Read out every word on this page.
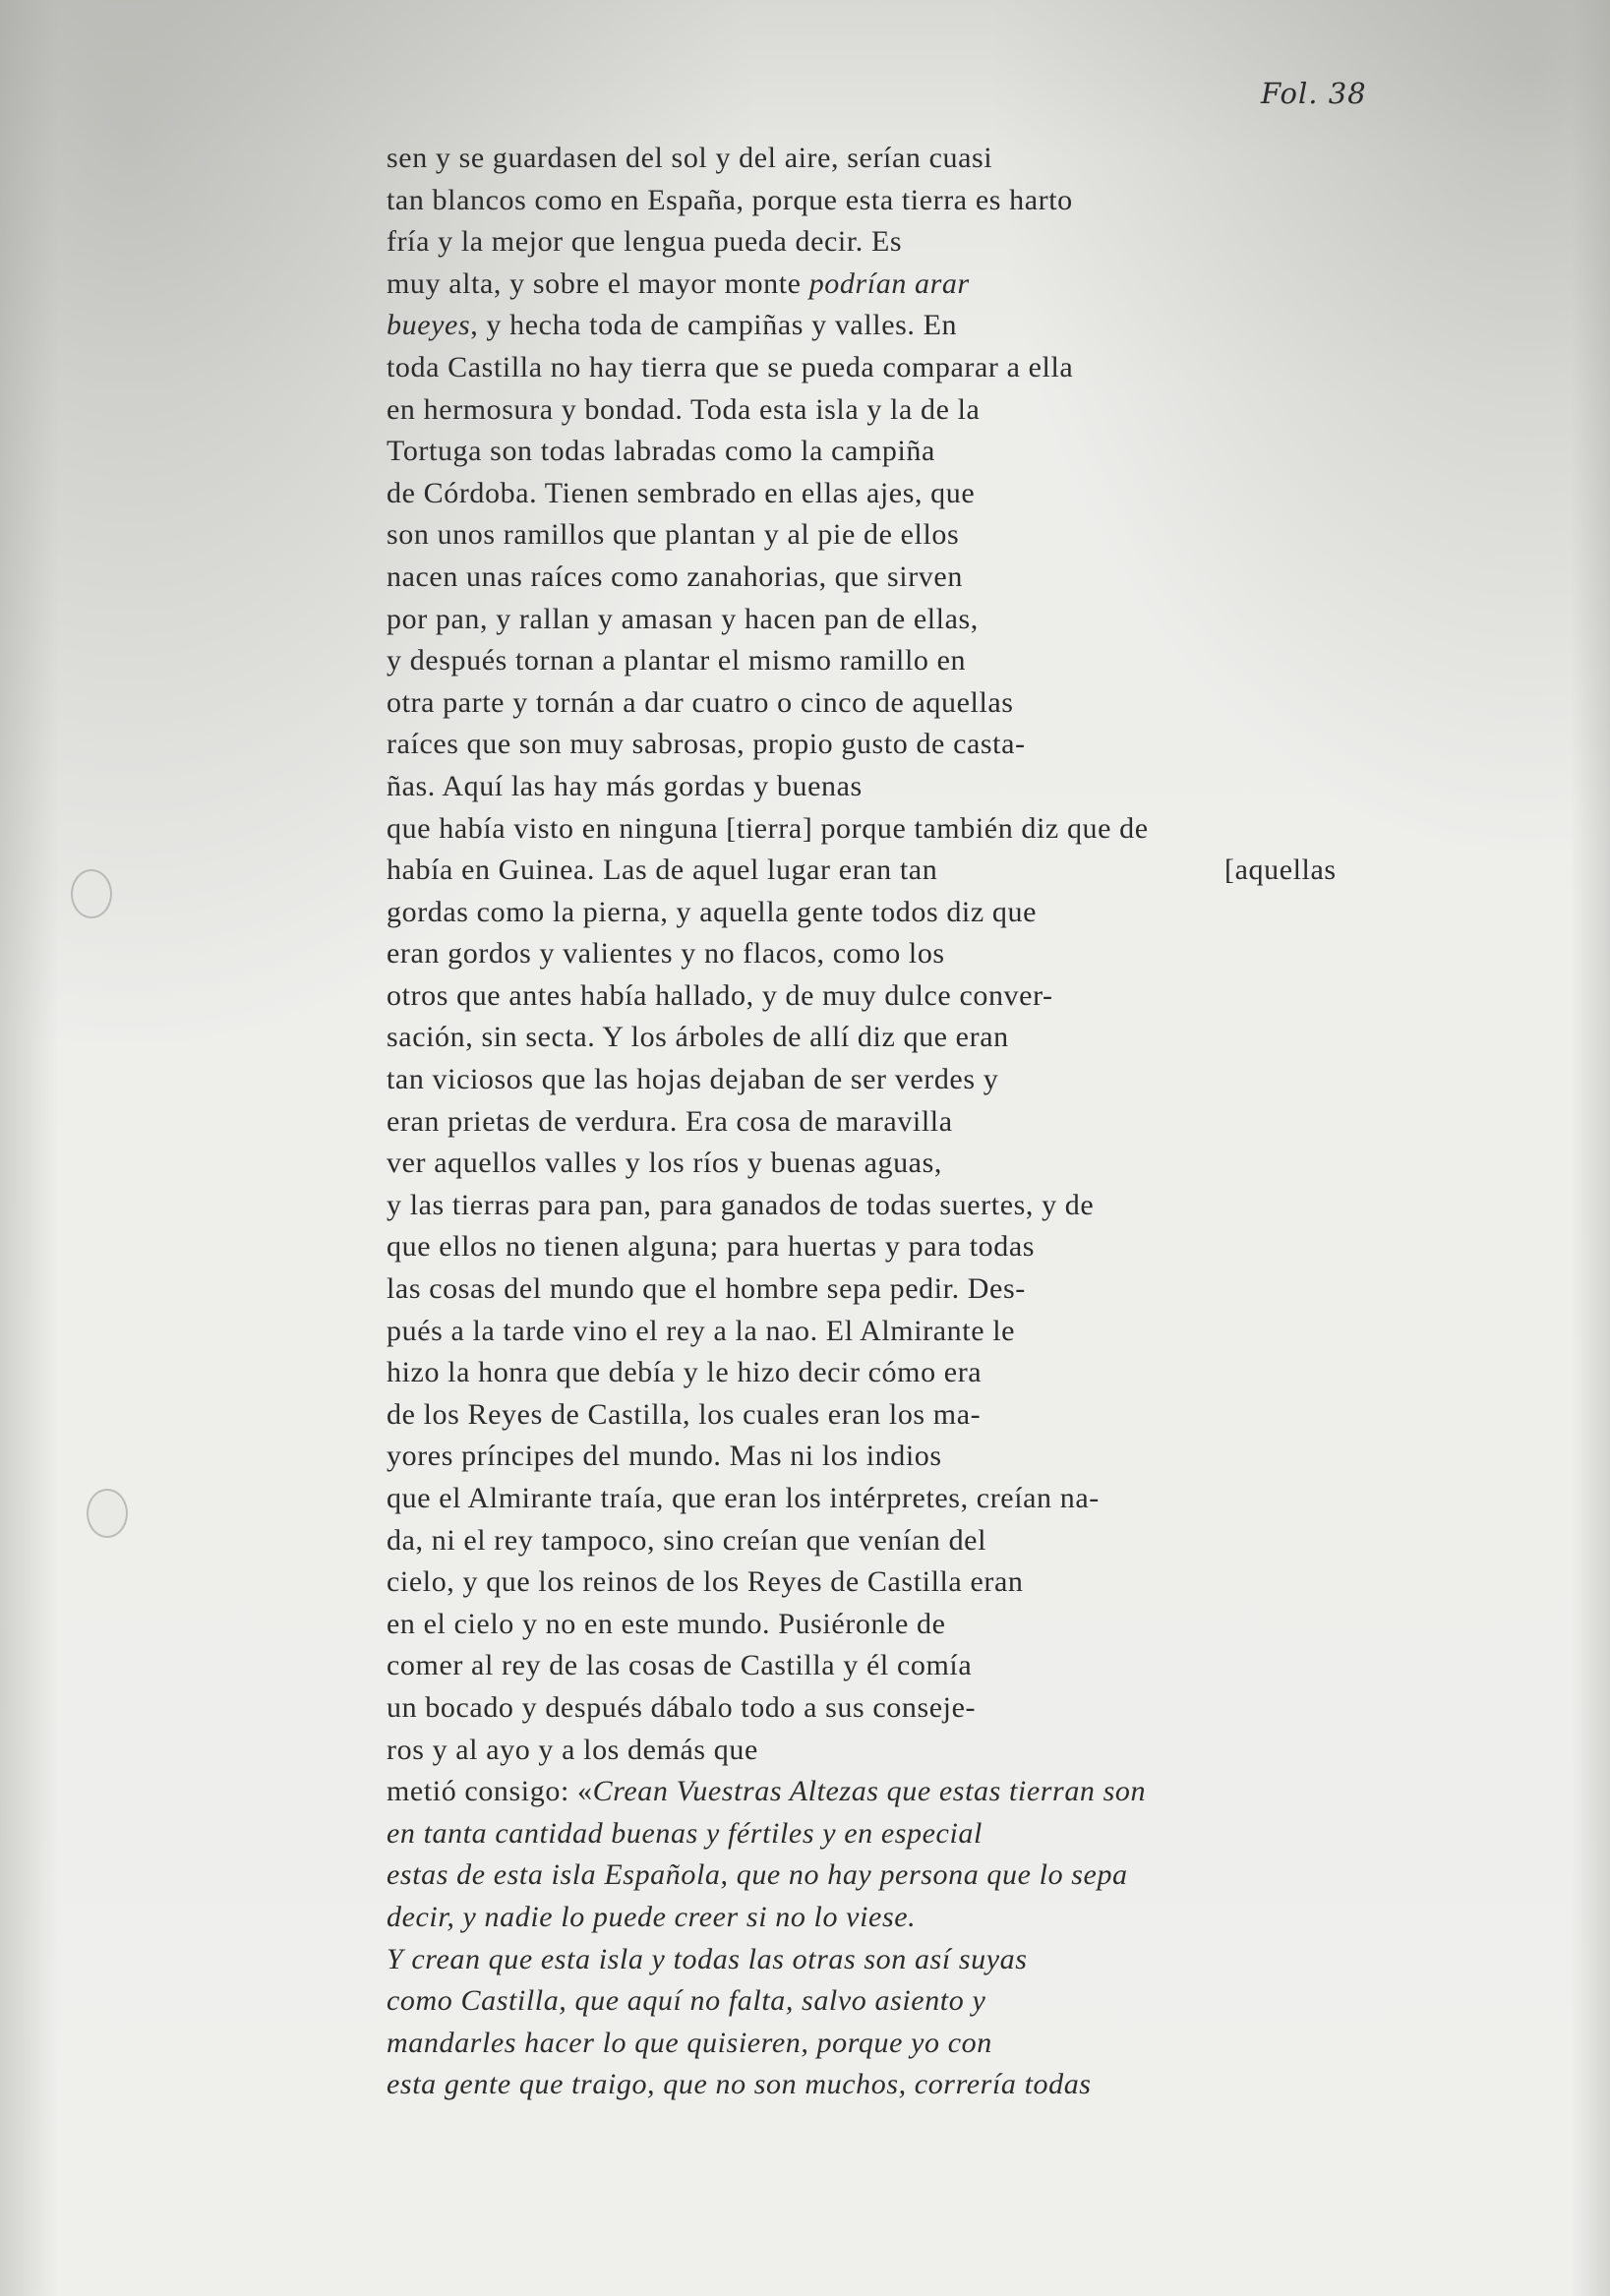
Fol. 38
sen y se guardasen del sol y del aire, serían cuasi
tan blancos como en España, porque esta tierra es harto
fría y la mejor que lengua pueda decir. Es
muy alta, y sobre el mayor monte podrían arar
bueyes, y hecha toda de campiñas y valles. En
toda Castilla no hay tierra que se pueda comparar a ella
en hermosura y bondad. Toda esta isla y la de la
Tortuga son todas labradas como la campiña
de Córdoba. Tienen sembrado en ellas ajes, que
son unos ramillos que plantan y al pie de ellos
nacen unas raíces como zanahorias, que sirven
por pan, y rallan y amasan y hacen pan de ellas,
y después tornan a plantar el mismo ramillo en
otra parte y tornán a dar cuatro o cinco de aquellas
raíces que son muy sabrosas, propio gusto de casta-
ñas. Aquí las hay más gordas y buenas
que había visto en ninguna [tierra] porque también diz que de
había en Guinea. Las de aquel lugar eran tan	[aquellas
gordas como la pierna, y aquella gente todos diz que
eran gordos y valientes y no flacos, como los
otros que antes había hallado, y de muy dulce conver-
sación, sin secta. Y los árboles de allí diz que eran
tan viciosos que las hojas dejaban de ser verdes y
eran prietas de verdura. Era cosa de maravilla
ver aquellos valles y los ríos y buenas aguas,
y las tierras para pan, para ganados de todas suertes, y de
que ellos no tienen alguna; para huertas y para todas
las cosas del mundo que el hombre sepa pedir. Des-
pués a la tarde vino el rey a la nao. El Almirante le
hizo la honra que debía y le hizo decir cómo era
de los Reyes de Castilla, los cuales eran los ma-
yores príncipes del mundo. Mas ni los indios
que el Almirante traía, que eran los intérpretes, creían na-
da, ni el rey tampoco, sino creían que venían del
cielo, y que los reinos de los Reyes de Castilla eran
en el cielo y no en este mundo. Pusiéronle de
comer al rey de las cosas de Castilla y él comía
un bocado y después dábalo todo a sus conseje-
ros y al ayo y a los demás que
metió consigo: «Crean Vuestras Altezas que estas tierran son
en tanta cantidad buenas y fértiles y en especial
estas de esta isla Española, que no hay persona que lo sepa
decir, y nadie lo puede creer si no lo viese.
Y crean que esta isla y todas las otras son así suyas
como Castilla, que aquí no falta, salvo asiento y
mandarles hacer lo que quisieren, porque yo con
esta gente que traigo, que no son muchos, correría todas
